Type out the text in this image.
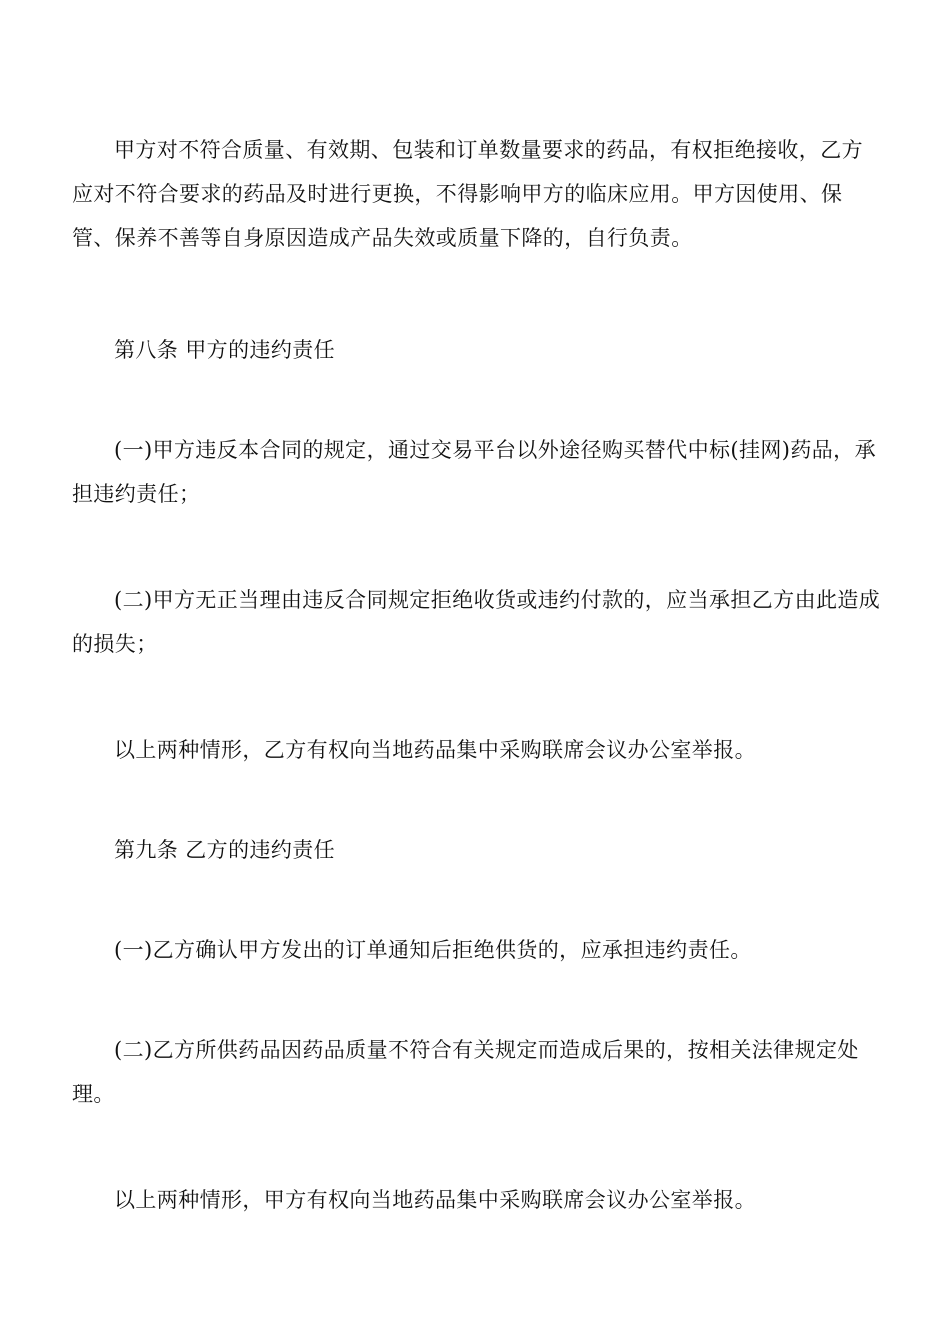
甲方对不符合质量、有效期、包装和订单数量要求的药品，有权拒绝接收，乙方应对不符合要求的药品及时进行更换，不得影响甲方的临床应用。甲方因使用、保管、保养不善等自身原因造成产品失效或质量下降的，自行负责。

第八条 甲方的违约责任

(一)甲方违反本合同的规定，通过交易平台以外途径购买替代中标(挂网)药品，承担违约责任；

(二)甲方无正当理由违反合同规定拒绝收货或违约付款的，应当承担乙方由此造成的损失；

以上两种情形，乙方有权向当地药品集中采购联席会议办公室举报。

第九条 乙方的违约责任

(一)乙方确认甲方发出的订单通知后拒绝供货的，应承担违约责任。

(二)乙方所供药品因药品质量不符合有关规定而造成后果的，按相关法律规定处理。

以上两种情形，甲方有权向当地药品集中采购联席会议办公室举报。
